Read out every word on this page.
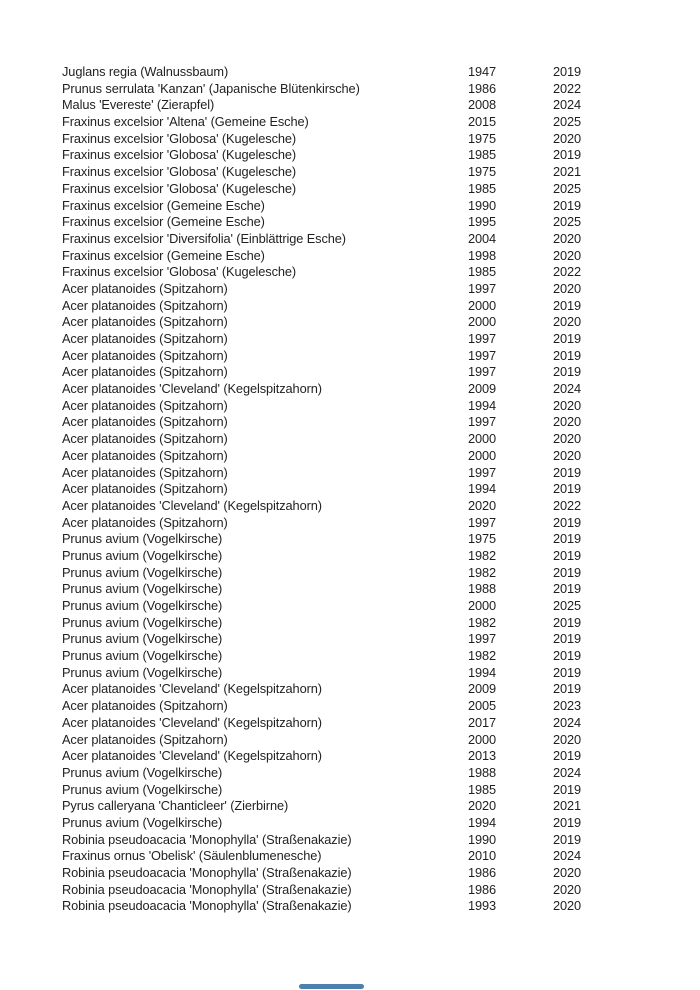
Juglans regia (Walnussbaum)	1947	2019
Prunus serrulata 'Kanzan' (Japanische Blütenkirsche)	1986	2022
Malus 'Evereste' (Zierapfel)	2008	2024
Fraxinus excelsior 'Altena' (Gemeine Esche)	2015	2025
Fraxinus excelsior 'Globosa' (Kugelesche)	1975	2020
Fraxinus excelsior 'Globosa' (Kugelesche)	1985	2019
Fraxinus excelsior 'Globosa' (Kugelesche)	1975	2021
Fraxinus excelsior 'Globosa' (Kugelesche)	1985	2025
Fraxinus excelsior (Gemeine Esche)	1990	2019
Fraxinus excelsior (Gemeine Esche)	1995	2025
Fraxinus excelsior 'Diversifolia' (Einblättrige Esche)	2004	2020
Fraxinus excelsior (Gemeine Esche)	1998	2020
Fraxinus excelsior 'Globosa' (Kugelesche)	1985	2022
Acer platanoides (Spitzahorn)	1997	2020
Acer platanoides (Spitzahorn)	2000	2019
Acer platanoides (Spitzahorn)	2000	2020
Acer platanoides (Spitzahorn)	1997	2019
Acer platanoides (Spitzahorn)	1997	2019
Acer platanoides (Spitzahorn)	1997	2019
Acer platanoides 'Cleveland' (Kegelspitzahorn)	2009	2024
Acer platanoides (Spitzahorn)	1994	2020
Acer platanoides (Spitzahorn)	1997	2020
Acer platanoides (Spitzahorn)	2000	2020
Acer platanoides (Spitzahorn)	2000	2020
Acer platanoides (Spitzahorn)	1997	2019
Acer platanoides (Spitzahorn)	1994	2019
Acer platanoides 'Cleveland' (Kegelspitzahorn)	2020	2022
Acer platanoides (Spitzahorn)	1997	2019
Prunus avium (Vogelkirsche)	1975	2019
Prunus avium (Vogelkirsche)	1982	2019
Prunus avium (Vogelkirsche)	1982	2019
Prunus avium (Vogelkirsche)	1988	2019
Prunus avium (Vogelkirsche)	2000	2025
Prunus avium (Vogelkirsche)	1982	2019
Prunus avium (Vogelkirsche)	1997	2019
Prunus avium (Vogelkirsche)	1982	2019
Prunus avium (Vogelkirsche)	1994	2019
Acer platanoides 'Cleveland' (Kegelspitzahorn)	2009	2019
Acer platanoides (Spitzahorn)	2005	2023
Acer platanoides 'Cleveland' (Kegelspitzahorn)	2017	2024
Acer platanoides (Spitzahorn)	2000	2020
Acer platanoides 'Cleveland' (Kegelspitzahorn)	2013	2019
Prunus avium (Vogelkirsche)	1988	2024
Prunus avium (Vogelkirsche)	1985	2019
Pyrus calleryana 'Chanticleer' (Zierbirne)	2020	2021
Prunus avium (Vogelkirsche)	1994	2019
Robinia pseudoacacia 'Monophylla' (Straßenakazie)	1990	2019
Fraxinus ornus 'Obelisk' (Säulenblumenesche)	2010	2024
Robinia pseudoacacia 'Monophylla' (Straßenakazie)	1986	2020
Robinia pseudoacacia 'Monophylla' (Straßenakazie)	1986	2020
Robinia pseudoacacia 'Monophylla' (Straßenakazie)	1993	2020
